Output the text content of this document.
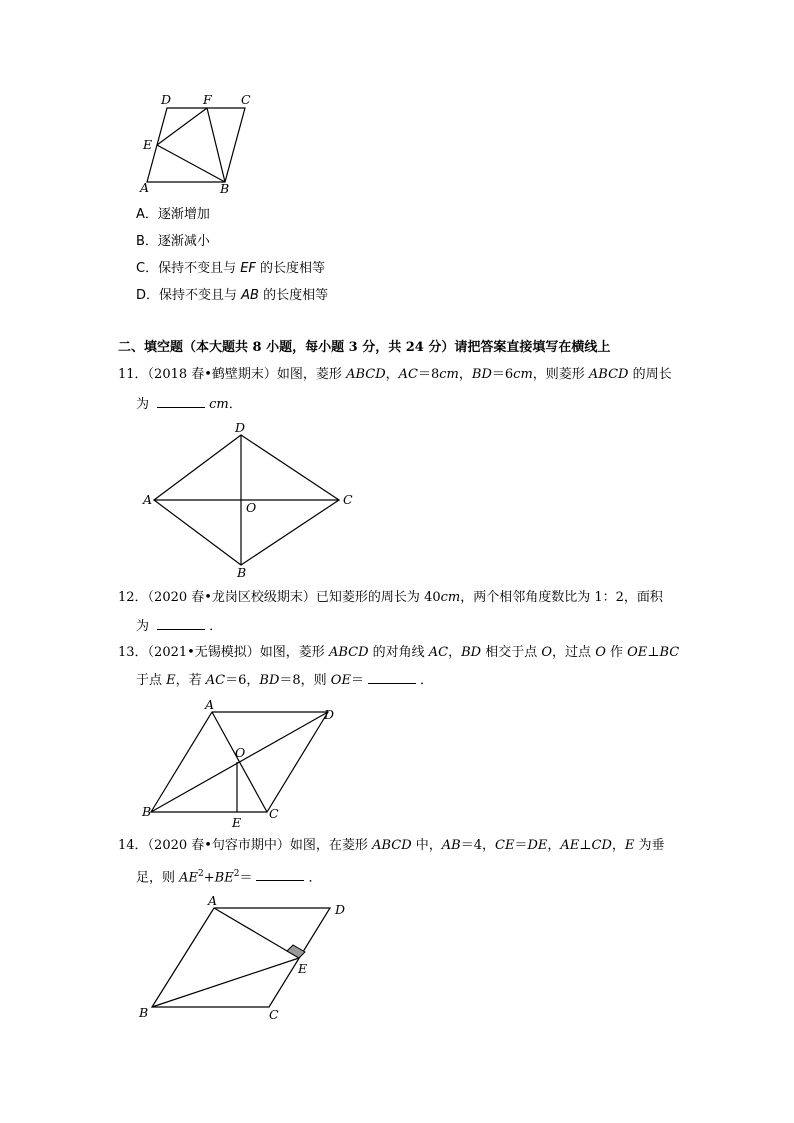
D	F C
E
A	B
A．逐渐增加
B．逐渐减小
C．保持不变且与 EF 的长度相等
D．保持不变且与 AB 的长度相等
二、填空题（本大题共 8 小题，每小题 3 分，共 24 分）请把答案直接填写在横线上
11．（2018 春•鹤壁期末）如图，菱形 ABCD，AC＝8cm，BD＝6cm，则菱形 ABCD 的周长
为	cm．
D
A
O
C
B
12．（2020 春•龙岗区校级期末）已知菱形的周长为 40cm，两个相邻角度数比为 1：2，面积
为	．
13．（2021•无锡模拟）如图，菱形 ABCD 的对角线 AC，BD 相交于点 O，过点 O 作 OE⊥BC
于点 E，若 AC＝6，BD＝8，则 OE＝	．
A
D
O
B
E
C
14．（2020 春•句容市期中）如图，在菱形 ABCD 中，AB＝4，CE＝DE，AE⊥CD，E 为垂
足，则 $AE^2+BE^2=$	．
A
D
E
B	C
